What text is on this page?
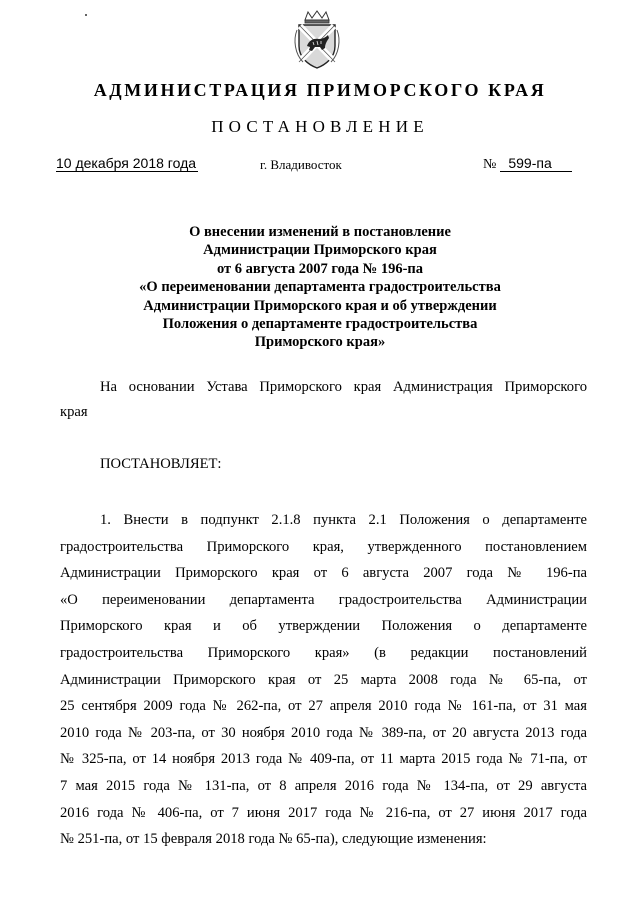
АДМИНИСТРАЦИЯ ПРИМОРСКОГО КРАЯ
ПОСТАНОВЛЕНИЕ
10 декабря 2018 года	г. Владивосток	№ 599-па
О внесении изменений в постановление
Администрации Приморского края
от 6 августа 2007 года № 196-па
«О переименовании департамента градостроительства
Администрации Приморского края и об утверждении
Положения о департаменте градостроительства
Приморского края»
На основании Устава Приморского края Администрация Приморского
края
ПОСТАНОВЛЯЕТ:
1. Внести в подпункт 2.1.8 пункта 2.1 Положения о департаменте
градостроительства Приморского края, утвержденного постановлением
Администрации Приморского края от 6 августа 2007 года № 196-па
«О переименовании департамента градостроительства Администрации
Приморского края и об утверждении Положения о департаменте
градостроительства Приморского края» (в редакции постановлений
Администрации Приморского края от 25 марта 2008 года № 65-па, от
25 сентября 2009 года № 262-па, от 27 апреля 2010 года № 161-па, от 31 мая
2010 года № 203-па, от 30 ноября 2010 года № 389-па, от 20 августа 2013 года
№ 325-па, от 14 ноября 2013 года № 409-па, от 11 марта 2015 года № 71-па, от
7 мая 2015 года № 131-па, от 8 апреля 2016 года № 134-па, от 29 августа
2016 года № 406-па, от 7 июня 2017 года № 216-па, от 27 июня 2017 года
№ 251-па, от 15 февраля 2018 года № 65-па), следующие изменения:
